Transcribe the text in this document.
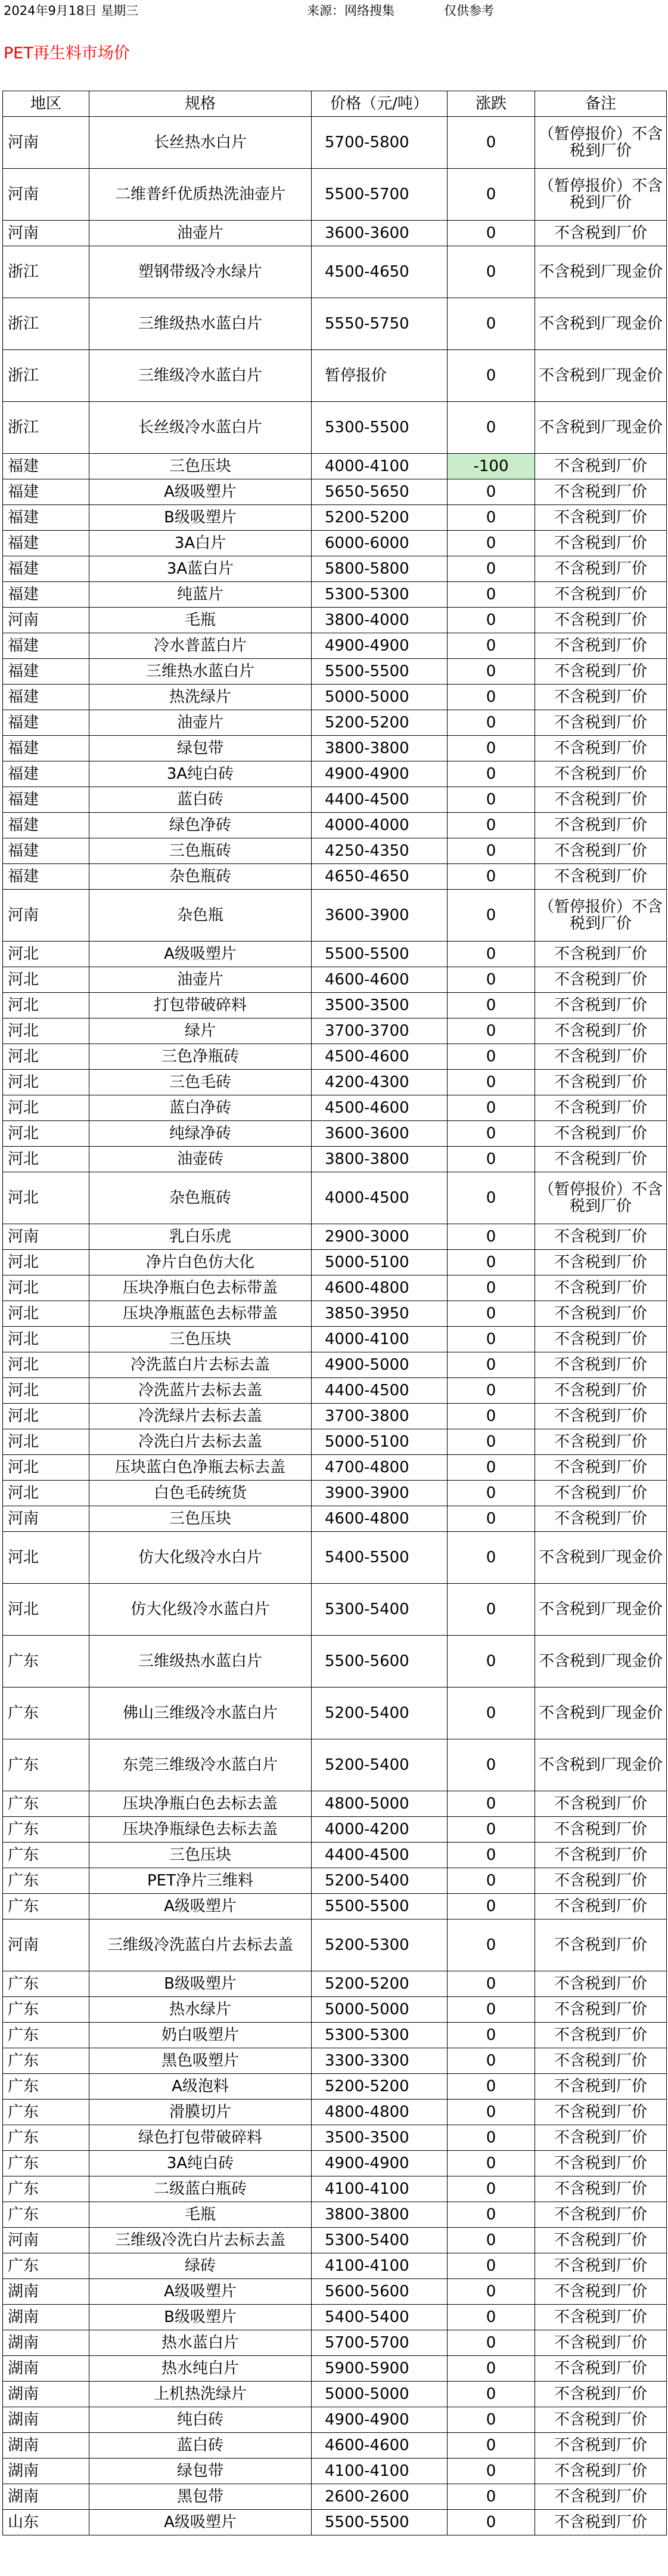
2024年9月18日 星期三	来源：网络搜集	仅供参考
PET再生料市场价
地区	规格	价格（元/吨）	涨跌	备注
河南	长丝热水白片	5700-5800	0	（暂停报价）不含税到厂价
河南	二维普纤优质热洗油壶片	5500-5700	0	（暂停报价）不含税到厂价
河南	油壶片	3600-3600	0	不含税到厂价
浙江	塑钢带级冷水绿片	4500-4650	0	不含税到厂现金价
浙江	三维级热水蓝白片	5550-5750	0	不含税到厂现金价
浙江	三维级冷水蓝白片	暂停报价	0	不含税到厂现金价
浙江	长丝级冷水蓝白片	5300-5500	0	不含税到厂现金价
福建	三色压块	4000-4100	-100	不含税到厂价
福建	A级吸塑片	5650-5650	0	不含税到厂价
福建	B级吸塑片	5200-5200	0	不含税到厂价
福建	3A白片	6000-6000	0	不含税到厂价
福建	3A蓝白片	5800-5800	0	不含税到厂价
福建	纯蓝片	5300-5300	0	不含税到厂价
河南	毛瓶	3800-4000	0	不含税到厂价
福建	冷水普蓝白片	4900-4900	0	不含税到厂价
福建	三维热水蓝白片	5500-5500	0	不含税到厂价
福建	热洗绿片	5000-5000	0	不含税到厂价
福建	油壶片	5200-5200	0	不含税到厂价
福建	绿包带	3800-3800	0	不含税到厂价
福建	3A纯白砖	4900-4900	0	不含税到厂价
福建	蓝白砖	4400-4500	0	不含税到厂价
福建	绿色净砖	4000-4000	0	不含税到厂价
福建	三色瓶砖	4250-4350	0	不含税到厂价
福建	杂色瓶砖	4650-4650	0	不含税到厂价
河南	杂色瓶	3600-3900	0	（暂停报价）不含税到厂价
河北	A级吸塑片	5500-5500	0	不含税到厂价
河北	油壶片	4600-4600	0	不含税到厂价
河北	打包带破碎料	3500-3500	0	不含税到厂价
河北	绿片	3700-3700	0	不含税到厂价
河北	三色净瓶砖	4500-4600	0	不含税到厂价
河北	三色毛砖	4200-4300	0	不含税到厂价
河北	蓝白净砖	4500-4600	0	不含税到厂价
河北	纯绿净砖	3600-3600	0	不含税到厂价
河北	油壶砖	3800-3800	0	不含税到厂价
河北	杂色瓶砖	4000-4500	0	（暂停报价）不含税到厂价
河南	乳白乐虎	2900-3000	0	不含税到厂价
河北	净片白色仿大化	5000-5100	0	不含税到厂价
河北	压块净瓶白色去标带盖	4600-4800	0	不含税到厂价
河北	压块净瓶蓝色去标带盖	3850-3950	0	不含税到厂价
河北	三色压块	4000-4100	0	不含税到厂价
河北	冷洗蓝白片去标去盖	4900-5000	0	不含税到厂价
河北	冷洗蓝片去标去盖	4400-4500	0	不含税到厂价
河北	冷洗绿片去标去盖	3700-3800	0	不含税到厂价
河北	冷洗白片去标去盖	5000-5100	0	不含税到厂价
河北	压块蓝白色净瓶去标去盖	4700-4800	0	不含税到厂价
河北	白色毛砖统货	3900-3900	0	不含税到厂价
河南	三色压块	4600-4800	0	不含税到厂价
河北	仿大化级冷水白片	5400-5500	0	不含税到厂现金价
河北	仿大化级冷水蓝白片	5300-5400	0	不含税到厂现金价
广东	三维级热水蓝白片	5500-5600	0	不含税到厂现金价
广东	佛山三维级冷水蓝白片	5200-5400	0	不含税到厂现金价
广东	东莞三维级冷水蓝白片	5200-5400	0	不含税到厂现金价
广东	压块净瓶白色去标去盖	4800-5000	0	不含税到厂价
广东	压块净瓶绿色去标去盖	4000-4200	0	不含税到厂价
广东	三色压块	4400-4500	0	不含税到厂价
广东	PET净片三维料	5200-5400	0	不含税到厂价
广东	A级吸塑片	5500-5500	0	不含税到厂价
河南	三维级冷洗蓝白片去标去盖	5200-5300	0	不含税到厂价
广东	B级吸塑片	5200-5200	0	不含税到厂价
广东	热水绿片	5000-5000	0	不含税到厂价
广东	奶白吸塑片	5300-5300	0	不含税到厂价
广东	黑色吸塑片	3300-3300	0	不含税到厂价
广东	A级泡料	5200-5200	0	不含税到厂价
广东	滑膜切片	4800-4800	0	不含税到厂价
广东	绿色打包带破碎料	3500-3500	0	不含税到厂价
广东	3A纯白砖	4900-4900	0	不含税到厂价
广东	二级蓝白瓶砖	4100-4100	0	不含税到厂价
广东	毛瓶	3800-3800	0	不含税到厂价
河南	三维级冷洗白片去标去盖	5300-5400	0	不含税到厂价
广东	绿砖	4100-4100	0	不含税到厂价
湖南	A级吸塑片	5600-5600	0	不含税到厂价
湖南	B级吸塑片	5400-5400	0	不含税到厂价
湖南	热水蓝白片	5700-5700	0	不含税到厂价
湖南	热水纯白片	5900-5900	0	不含税到厂价
湖南	上机热洗绿片	5000-5000	0	不含税到厂价
湖南	纯白砖	4900-4900	0	不含税到厂价
湖南	蓝白砖	4600-4600	0	不含税到厂价
湖南	绿包带	4100-4100	0	不含税到厂价
湖南	黑包带	2600-2600	0	不含税到厂价
山东	A级吸塑片	5500-5500	0	不含税到厂价
